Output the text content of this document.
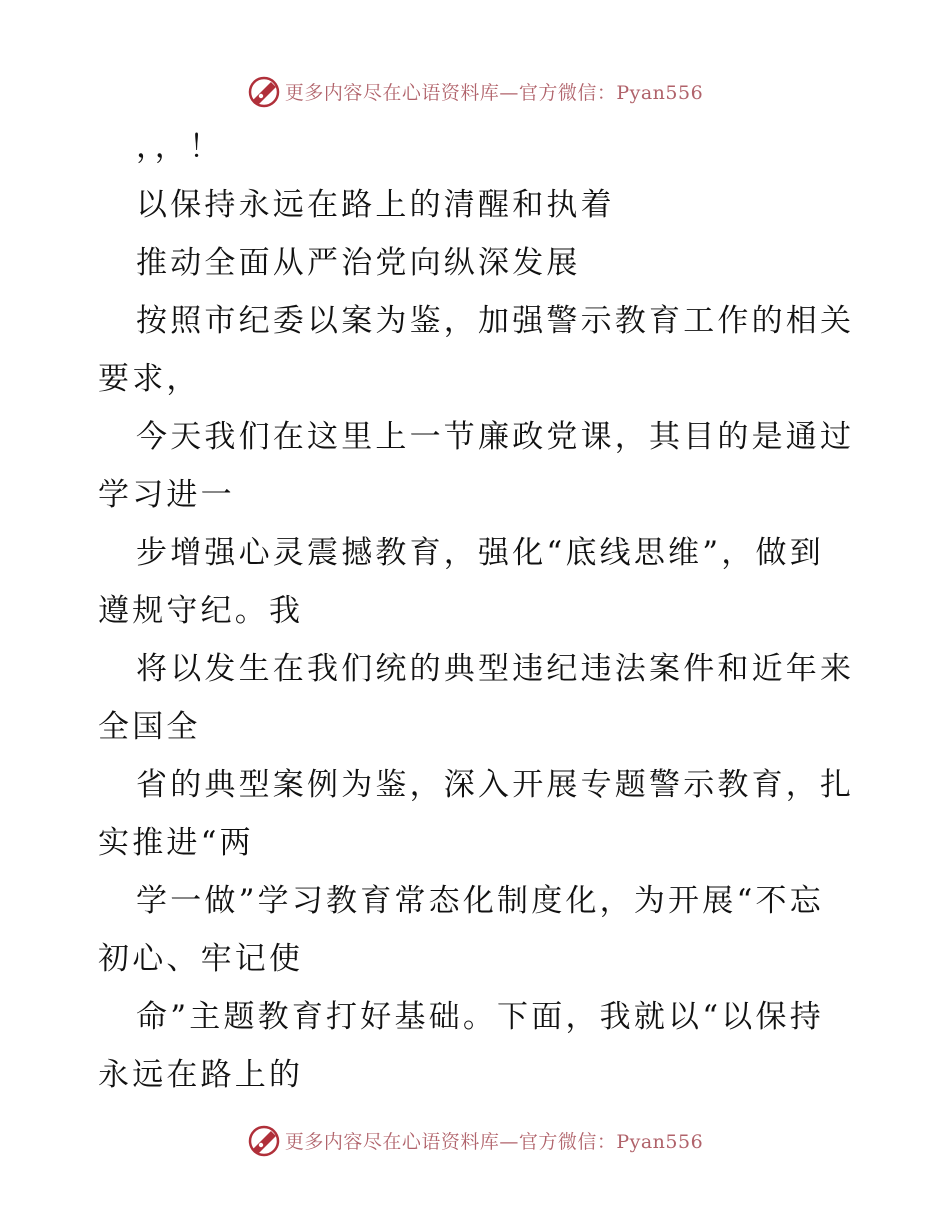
更多内容尽在心语资料库—官方微信：Pyan556
，，！
以保持永远在路上的清醒和执着
推动全面从严治党向纵深发展
按照市纪委以案为鉴，加强警示教育工作的相关
要求，
今天我们在这里上一节廉政党课，其目的是通过
学习进一
步增强心灵震撼教育，强化“底线思维”，做到
遵规守纪。我
将以发生在我们统的典型违纪违法案件和近年来
全国全
省的典型案例为鉴，深入开展专题警示教育，扎
实推进“两
学一做”学习教育常态化制度化，为开展“不忘
初心、牢记使
命”主题教育打好基础。下面，我就以“以保持
永远在路上的
更多内容尽在心语资料库—官方微信：Pyan556
